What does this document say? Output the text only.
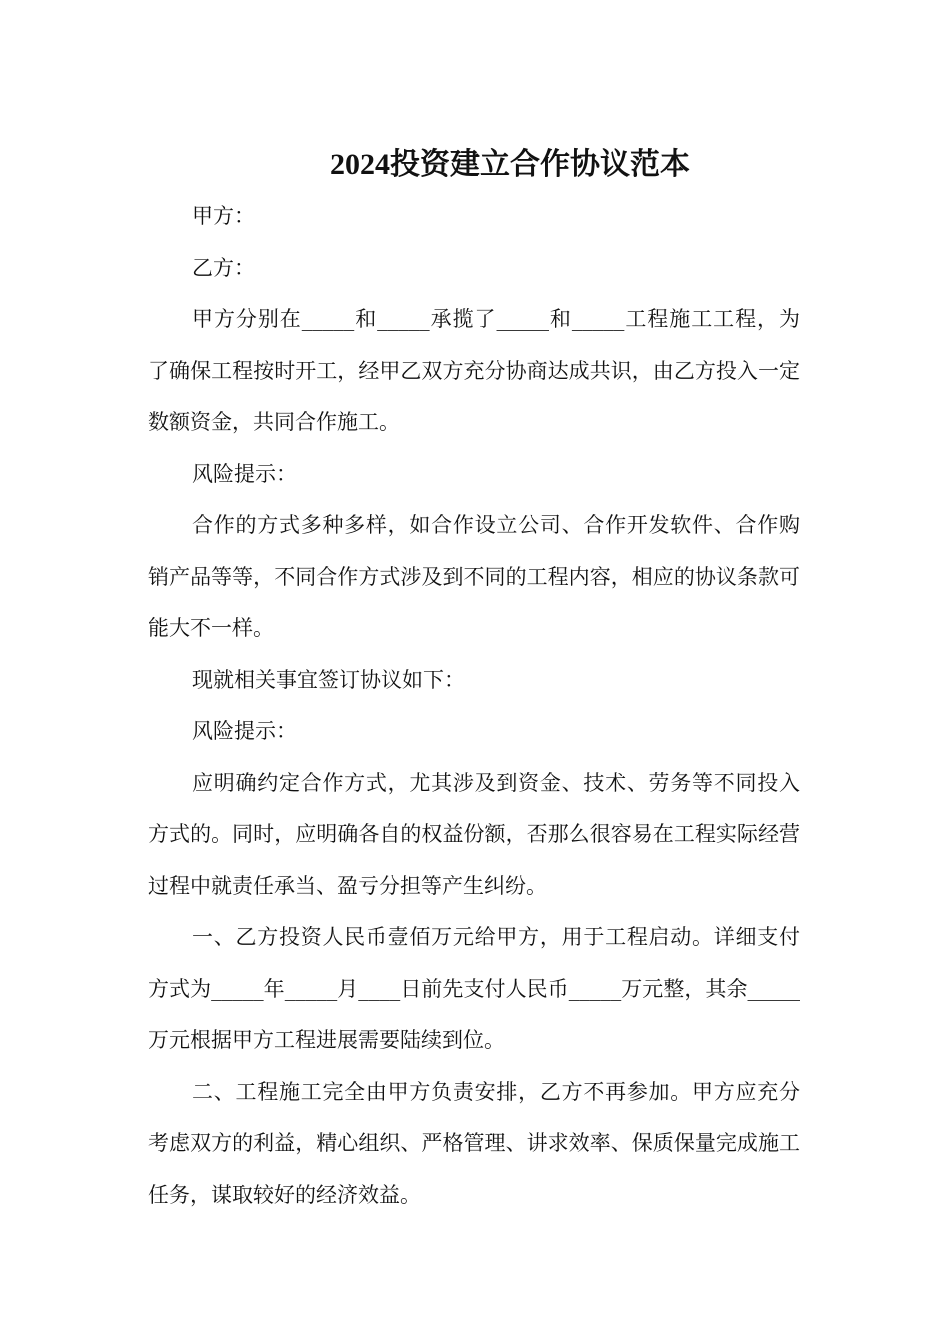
2024投资建立合作协议范本

甲方：

乙方：

甲方分别在_____和_____承揽了_____和_____工程施工工程，为了确保工程按时开工，经甲乙双方充分协商达成共识，由乙方投入一定数额资金，共同合作施工。

风险提示：

合作的方式多种多样，如合作设立公司、合作开发软件、合作购销产品等等，不同合作方式涉及到不同的工程内容，相应的协议条款可能大不一样。

现就相关事宜签订协议如下：

风险提示：

应明确约定合作方式，尤其涉及到资金、技术、劳务等不同投入方式的。同时，应明确各自的权益份额，否那么很容易在工程实际经营过程中就责任承当、盈亏分担等产生纠纷。

一、乙方投资人民币壹佰万元给甲方，用于工程启动。详细支付方式为_____年_____月____日前先支付人民币_____万元整，其余_____万元根据甲方工程进展需要陆续到位。

二、工程施工完全由甲方负责安排，乙方不再参加。甲方应充分考虑双方的利益，精心组织、严格管理、讲求效率、保质保量完成施工任务，谋取较好的经济效益。
